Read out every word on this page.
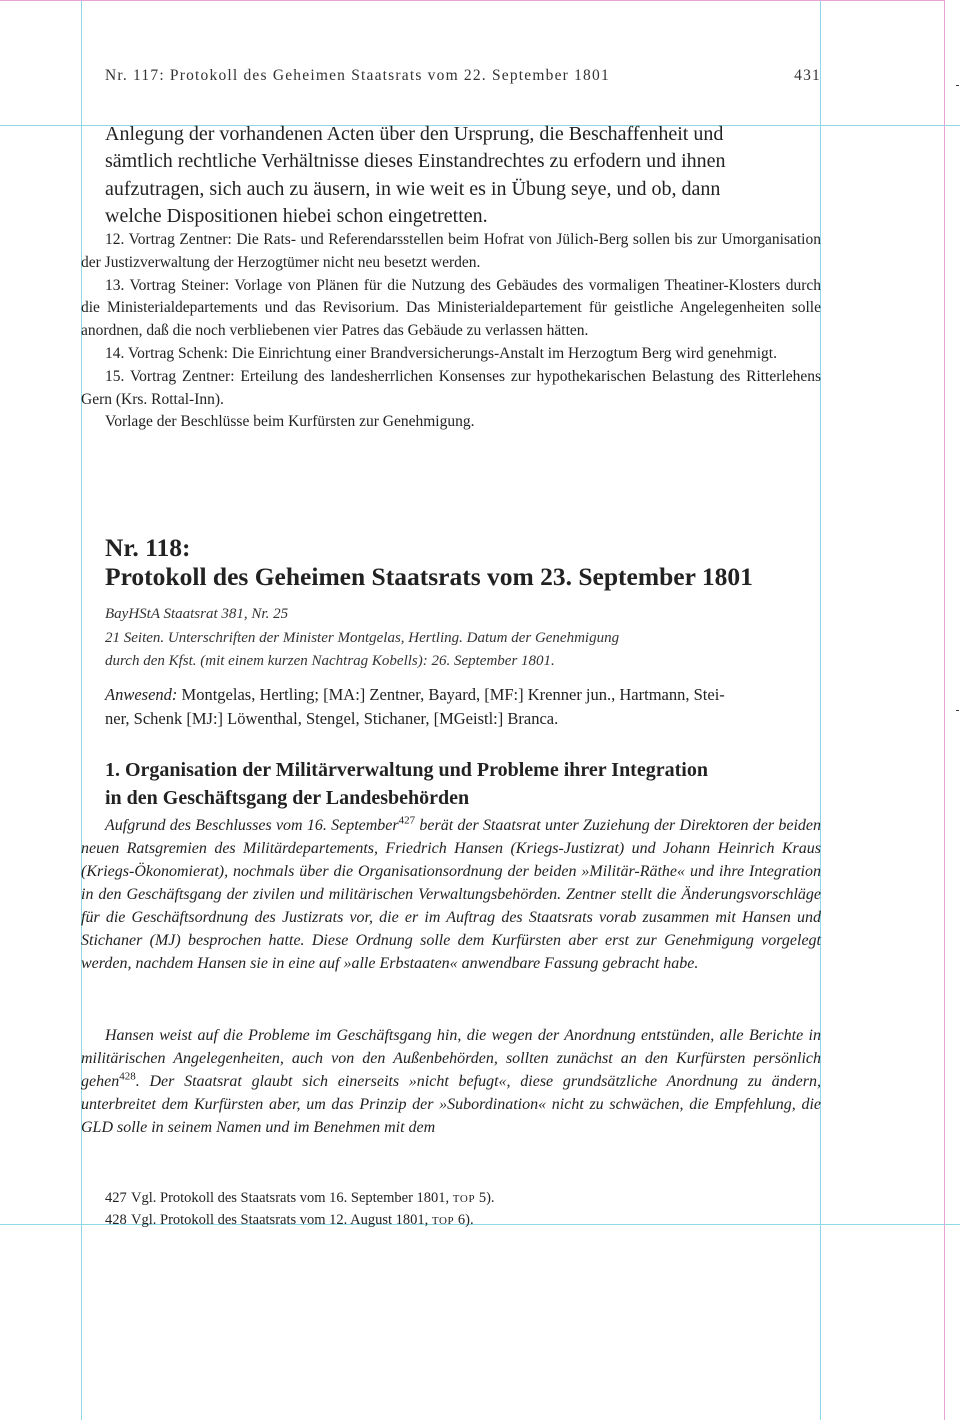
Nr. 117: Protokoll des Geheimen Staatsrats vom 22. September 1801	431
Anlegung der vorhandenen Acten über den Ursprung, die Beschaffenheit und
sämtlich rechtliche Verhältnisse dieses Einstandrechtes zu erfodern und ihnen
aufzutragen, sich auch zu äusern, in wie weit es in Übung seye, und ob, dann
welche Dispositionen hiebei schon eingetretten.

12. Vortrag Zentner: Die Rats- und Referendarsstellen beim Hofrat von Jülich-Berg sollen bis zur Umorganisation der Justizverwaltung der Herzogtümer nicht neu besetzt werden.

13. Vortrag Steiner: Vorlage von Plänen für die Nutzung des Gebäudes des vormaligen Theatiner-Klosters durch die Ministerialdepartements und das Revisorium. Das Ministerialdepartement für geistliche Angelegenheiten solle anordnen, daß die noch verbliebenen vier Patres das Gebäude zu verlassen hätten.

14. Vortrag Schenk: Die Einrichtung einer Brandversicherungs-Anstalt im Herzogtum Berg wird genehmigt.

15. Vortrag Zentner: Erteilung des landesherrlichen Konsenses zur hypothekarischen Belastung des Ritterlehens Gern (Krs. Rottal-Inn).

Vorlage der Beschlüsse beim Kurfürsten zur Genehmigung.

Nr. 118:
Protokoll des Geheimen Staatsrats vom 23. September 1801
BayHStA Staatsrat 381, Nr. 25
21 Seiten. Unterschriften der Minister Montgelas, Hertling. Datum der Genehmigung
durch den Kfst. (mit einem kurzen Nachtrag Kobells): 26. September 1801.
Anwesend: Montgelas, Hertling; [MA:] Zentner, Bayard, [MF:] Krenner jun., Hartmann, Stei-
ner, Schenk [MJ:] Löwenthal, Stengel, Stichaner, [MGeistl:] Branca.
1. Organisation der Militärverwaltung und Probleme ihrer Integration
in den Geschäftsgang der Landesbehörden

Aufgrund des Beschlusses vom 16. September$^{427}$ berät der Staatsrat unter Zuziehung der Direktoren der beiden neuen Ratsgremien des Militärdepartements, Friedrich Hansen (Kriegs-Justizrat) und Johann Heinrich Kraus (Kriegs-Ökonomierat), nochmals über die Organisationsordnung der beiden »Militär-Räthe« und ihre Integration in den Geschäftsgang der zivilen und militärischen Verwaltungsbehörden. Zentner stellt die Änderungsvorschläge für die Geschäftsordnung des Justizrats vor, die er im Auftrag des Staatsrats vorab zusammen mit Hansen und Stichaner (MJ) besprochen hatte. Diese Ordnung solle dem Kurfürsten aber erst zur Genehmigung vorgelegt werden, nachdem Hansen sie in eine auf »alle Erbstaaten« anwendbare Fassung gebracht habe.

Hansen weist auf die Probleme im Geschäftsgang hin, die wegen der Anordnung entstünden, alle Berichte in militärischen Angelegenheiten, auch von den Außenbehörden, sollten zunächst an den Kurfürsten persönlich gehen$^{428}$. Der Staatsrat glaubt sich einerseits »nicht befugt«, diese grundsätzliche Anordnung zu ändern, unterbreitet dem Kurfürsten aber, um das Prinzip der »Subordination« nicht zu schwächen, die Empfehlung, die GLD solle in seinem Namen und im Benehmen mit dem

427 Vgl. Protokoll des Staatsrats vom 16. September 1801, TOP 5).
428 Vgl. Protokoll des Staatsrats vom 12. August 1801, TOP 6).
